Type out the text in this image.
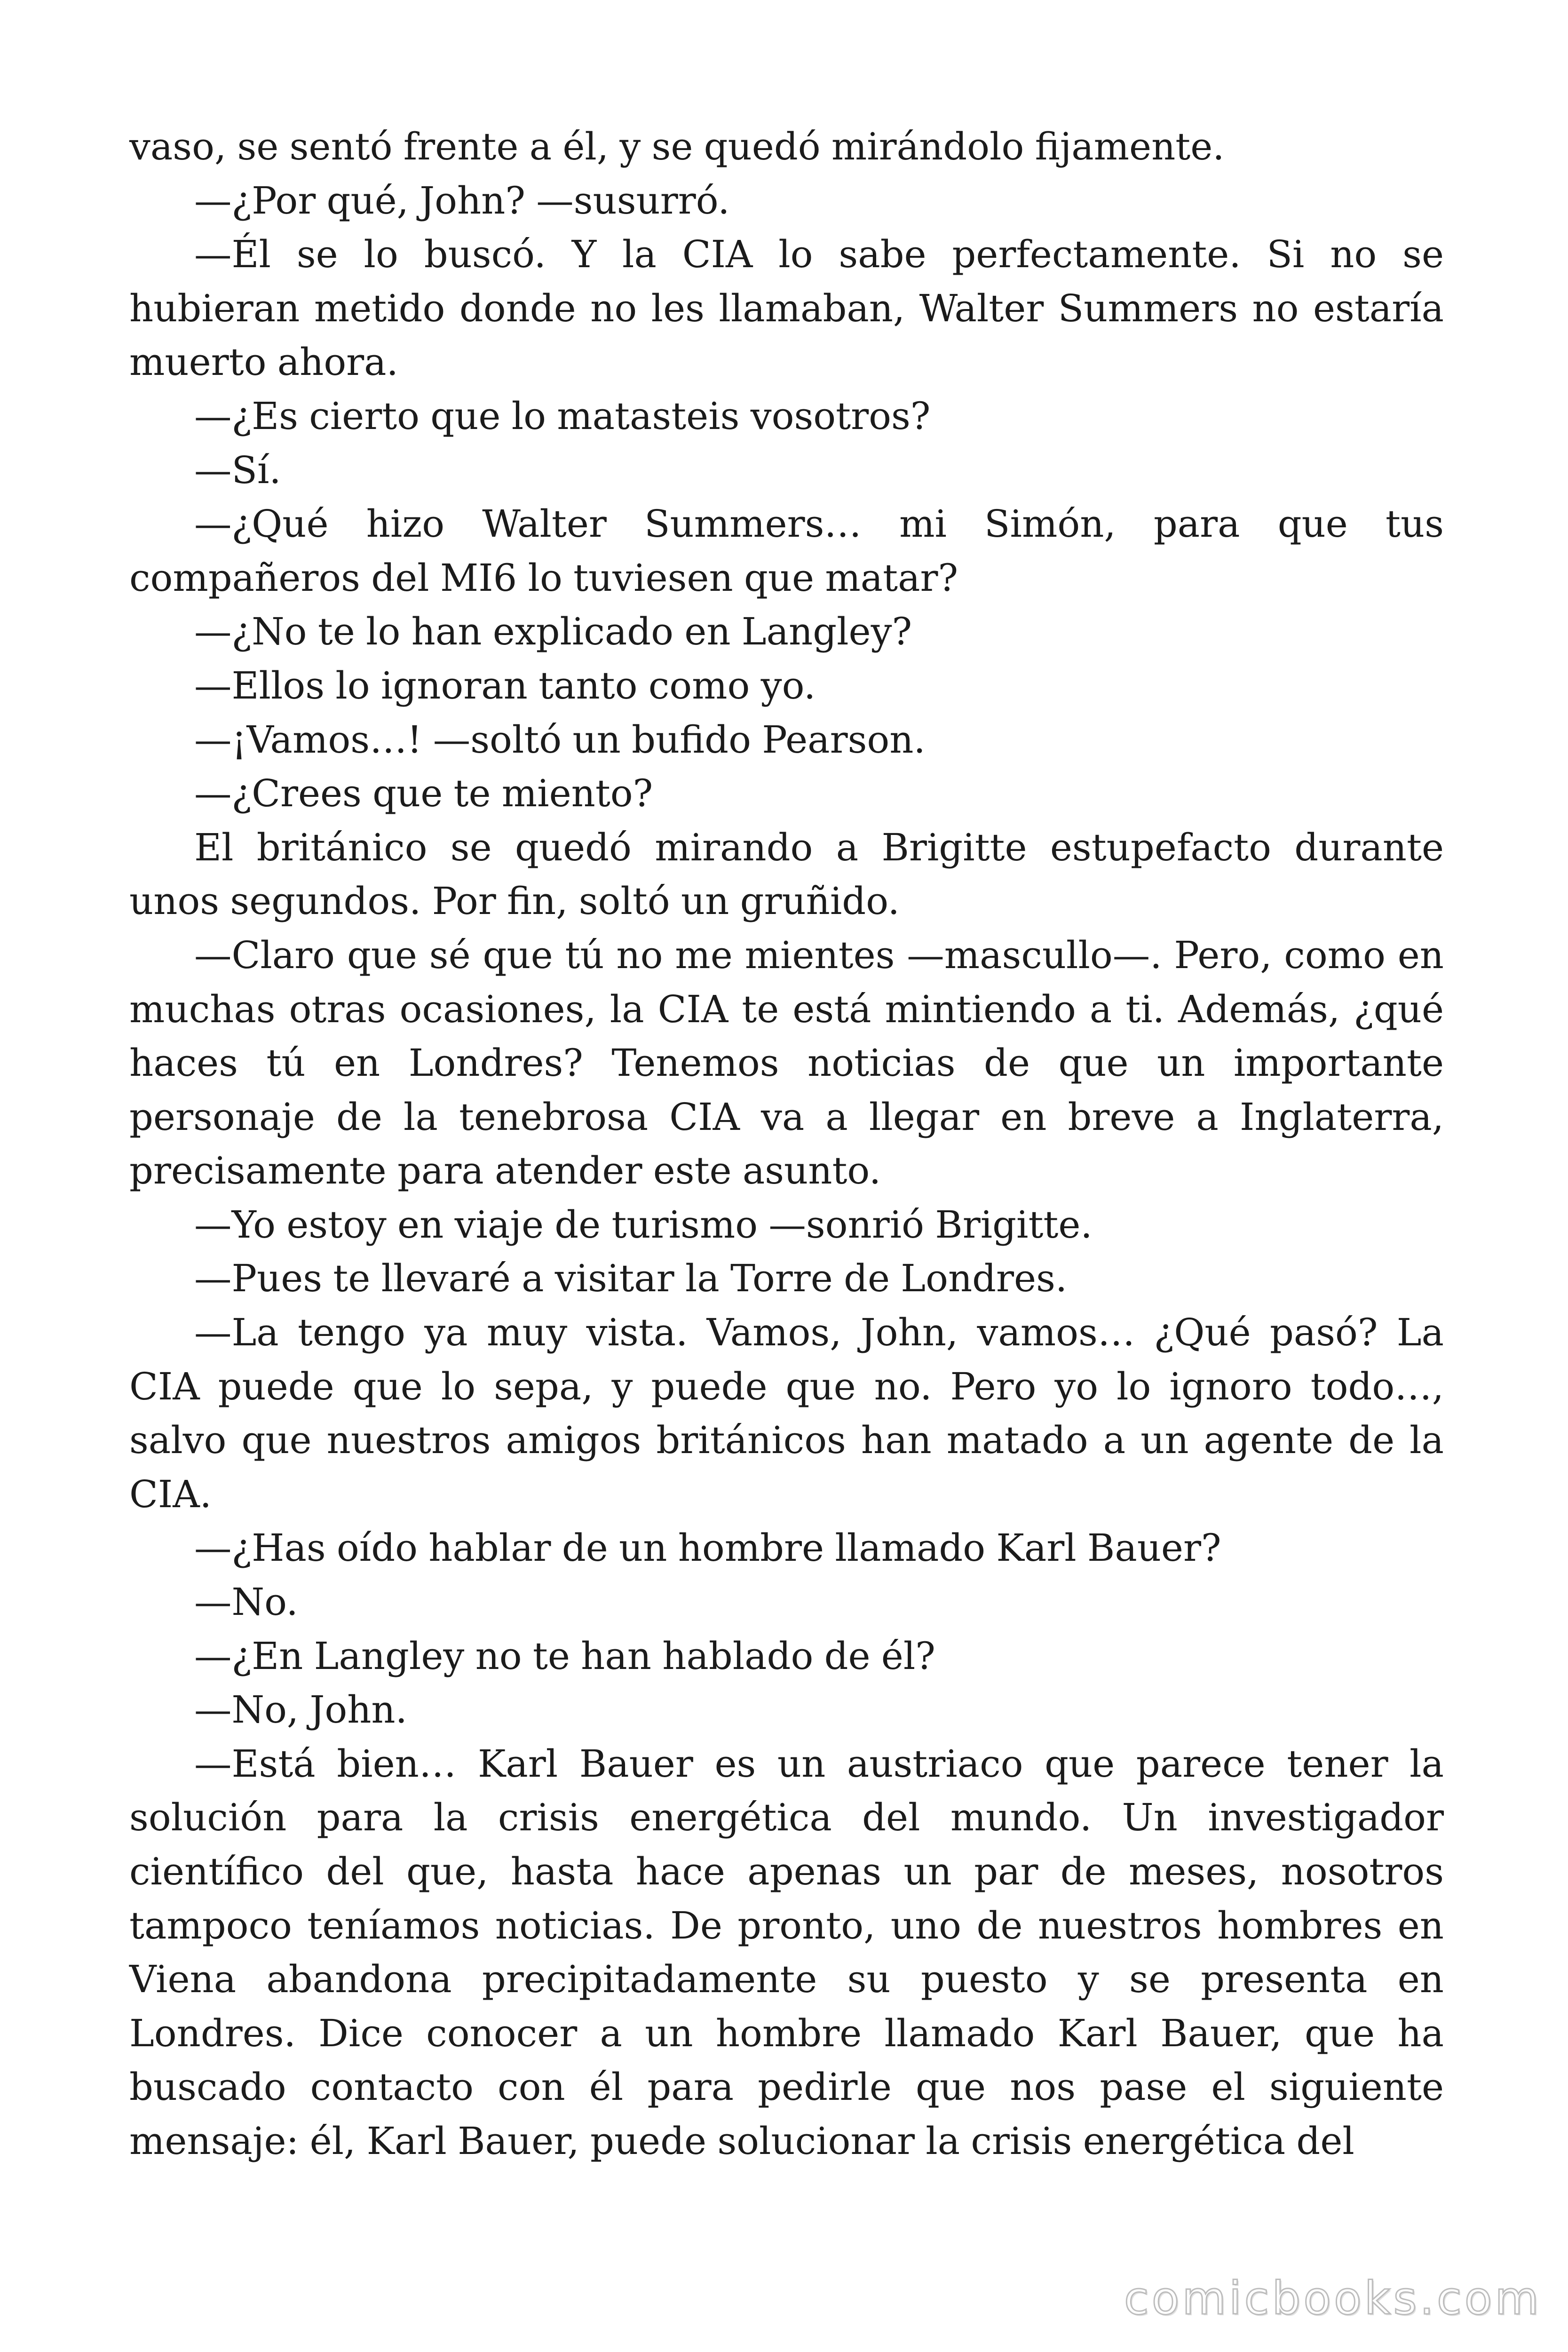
vaso, se sentó frente a él, y se quedó mirándolo fijamente.

—¿Por qué, John? —susurró.

—Él se lo buscó. Y la CIA lo sabe perfectamente. Si no se hubieran metido donde no les llamaban, Walter Summers no estaría muerto ahora.

—¿Es cierto que lo matasteis vosotros?

—Sí.

—¿Qué hizo Walter Summers… mi Simón, para que tus compañeros del MI6 lo tuviesen que matar?

—¿No te lo han explicado en Langley?

—Ellos lo ignoran tanto como yo.

—¡Vamos…! —soltó un bufido Pearson.

—¿Crees que te miento?

El británico se quedó mirando a Brigitte estupefacto durante unos segundos. Por fin, soltó un gruñido.

—Claro que sé que tú no me mientes —mascullo—. Pero, como en muchas otras ocasiones, la CIA te está mintiendo a ti. Además, ¿qué haces tú en Londres? Tenemos noticias de que un importante personaje de la tenebrosa CIA va a llegar en breve a Inglaterra, precisamente para atender este asunto.

—Yo estoy en viaje de turismo —sonrió Brigitte.

—Pues te llevaré a visitar la Torre de Londres.

—La tengo ya muy vista. Vamos, John, vamos… ¿Qué pasó? La CIA puede que lo sepa, y puede que no. Pero yo lo ignoro todo…, salvo que nuestros amigos británicos han matado a un agente de la CIA.

—¿Has oído hablar de un hombre llamado Karl Bauer?

—No.

—¿En Langley no te han hablado de él?

—No, John.

—Está bien… Karl Bauer es un austriaco que parece tener la solución para la crisis energética del mundo. Un investigador científico del que, hasta hace apenas un par de meses, nosotros tampoco teníamos noticias. De pronto, uno de nuestros hombres en Viena abandona precipitadamente su puesto y se presenta en Londres. Dice conocer a un hombre llamado Karl Bauer, que ha buscado contacto con él para pedirle que nos pase el siguiente mensaje: él, Karl Bauer, puede solucionar la crisis energética del

comicbooks.com
